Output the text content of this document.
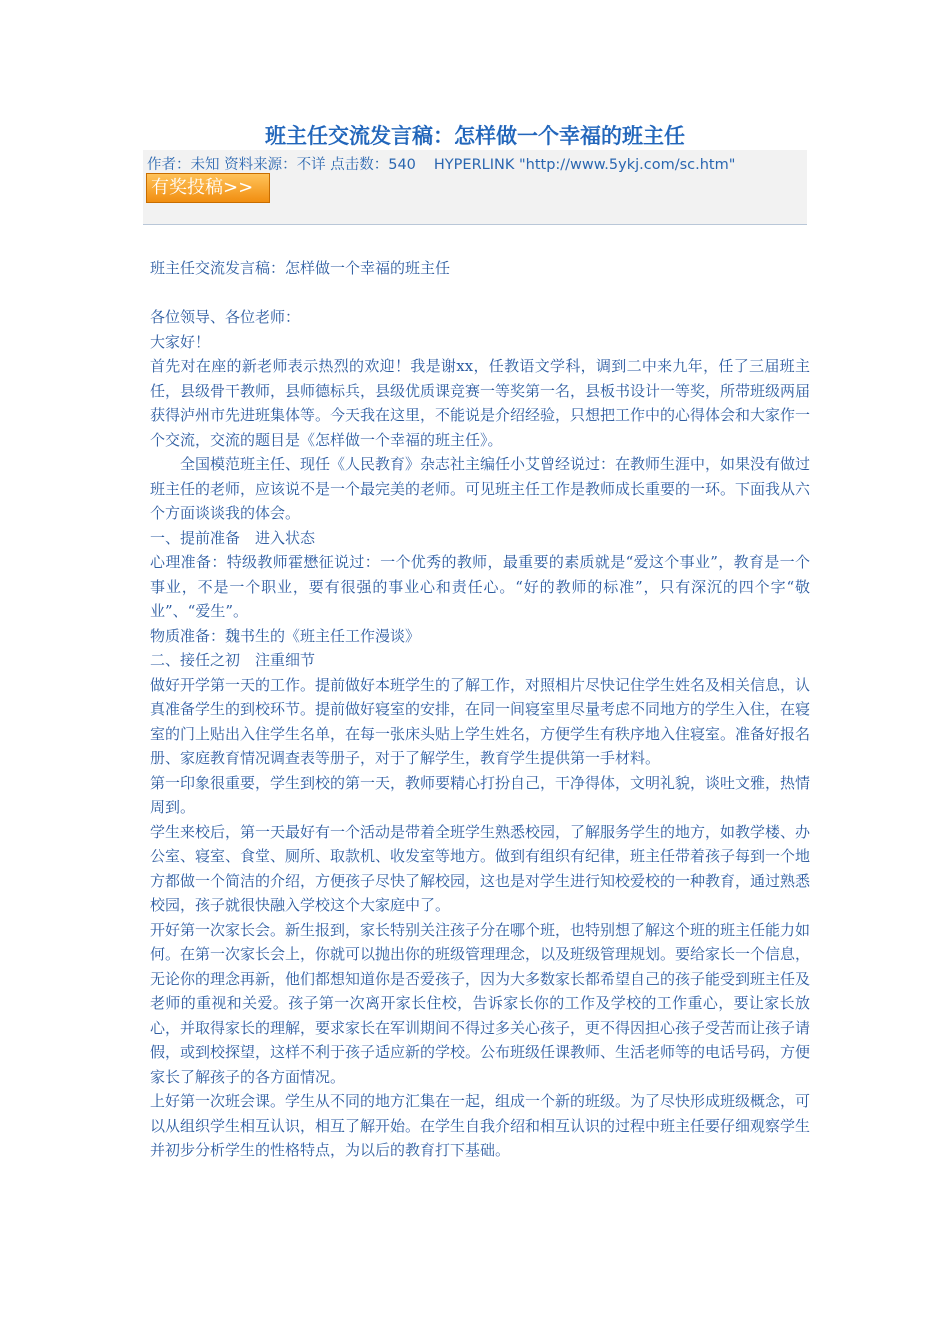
班主任交流发言稿：怎样做一个幸福的班主任
作者：未知 资料来源：不详 点击数：540 HYPERLINK "http://www.5ykj.com/sc.htm"
有奖投稿>>

班主任交流发言稿：怎样做一个幸福的班主任

各位领导、各位老师：

大家好！

首先对在座的新老师表示热烈的欢迎！我是谢xx，任教语文学科，调到二中来九年，任了三届班主任，县级骨干教师，县师德标兵，县级优质课竞赛一等奖第一名，县板书设计一等奖，所带班级两届获得泸州市先进班集体等。今天我在这里，不能说是介绍经验，只想把工作中的心得体会和大家作一个交流，交流的题目是《怎样做一个幸福的班主任》。

全国模范班主任、现任《人民教育》杂志社主编任小艾曾经说过：在教师生涯中，如果没有做过班主任的老师，应该说不是一个最完美的老师。可见班主任工作是教师成长重要的一环。下面我从六个方面谈谈我的体会。

一、提前准备　进入状态

心理准备：特级教师霍懋征说过：一个优秀的教师，最重要的素质就是“爱这个事业”，教育是一个事业，不是一个职业，要有很强的事业心和责任心。“好的教师的标准”，只有深沉的四个字“敬业”、“爱生”。

物质准备：魏书生的《班主任工作漫谈》

二、接任之初　注重细节

做好开学第一天的工作。提前做好本班学生的了解工作，对照相片尽快记住学生姓名及相关信息，认真准备学生的到校环节。提前做好寝室的安排，在同一间寝室里尽量考虑不同地方的学生入住，在寝室的门上贴出入住学生名单，在每一张床头贴上学生姓名，方便学生有秩序地入住寝室。准备好报名册、家庭教育情况调查表等册子，对于了解学生，教育学生提供第一手材料。

第一印象很重要，学生到校的第一天，教师要精心打扮自己，干净得体，文明礼貌，谈吐文雅，热情周到。

学生来校后，第一天最好有一个活动是带着全班学生熟悉校园，了解服务学生的地方，如教学楼、办公室、寝室、食堂、厕所、取款机、收发室等地方。做到有组织有纪律，班主任带着孩子每到一个地方都做一个简洁的介绍，方便孩子尽快了解校园，这也是对学生进行知校爱校的一种教育，通过熟悉校园，孩子就很快融入学校这个大家庭中了。

开好第一次家长会。新生报到，家长特别关注孩子分在哪个班，也特别想了解这个班的班主任能力如何。在第一次家长会上，你就可以抛出你的班级管理理念，以及班级管理规划。要给家长一个信息，无论你的理念再新，他们都想知道你是否爱孩子，因为大多数家长都希望自己的孩子能受到班主任及老师的重视和关爱。孩子第一次离开家长住校，告诉家长你的工作及学校的工作重心，要让家长放心，并取得家长的理解，要求家长在军训期间不得过多关心孩子，更不得因担心孩子受苦而让孩子请假，或到校探望，这样不利于孩子适应新的学校。公布班级任课教师、生活老师等的电话号码，方便家长了解孩子的各方面情况。

上好第一次班会课。学生从不同的地方汇集在一起，组成一个新的班级。为了尽快形成班级概念，可以从组织学生相互认识，相互了解开始。在学生自我介绍和相互认识的过程中班主任要仔细观察学生并初步分析学生的性格特点，为以后的教育打下基础。
